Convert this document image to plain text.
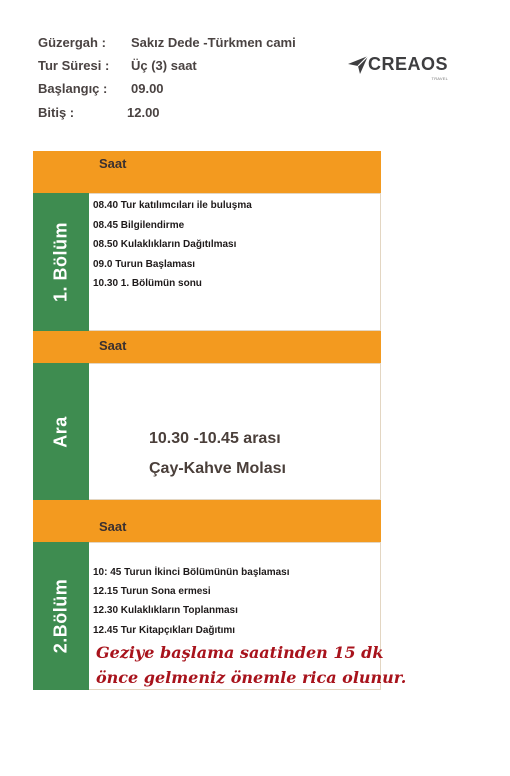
Güzergah : Sakız Dede -Türkmen cami
Tur Süresi : Üç (3) saat
Başlangıç : 09.00
Bitiş :	12.00
CREAOS
TRAVEL
Saat
1. Bölüm
08.40 Tur katılımcıları ile buluşma
08.45 Bilgilendirme
08.50 Kulaklıkların Dağıtılması
09.0 Turun Başlaması
10.30 1. Bölümün sonu
Saat
Ara	10.30 -10.45 arası
Çay-Kahve Molası
Saat
2.Bölüm
10: 45 Turun İkinci Bölümünün başlaması
12.15 Turun Sona ermesi
12.30 Kulaklıkların Toplanması
12.45 Tur Kitapçıkları Dağıtımı
Geziye başlama saatinden 15 dk
önce gelmeniz önemle rica olunur.
